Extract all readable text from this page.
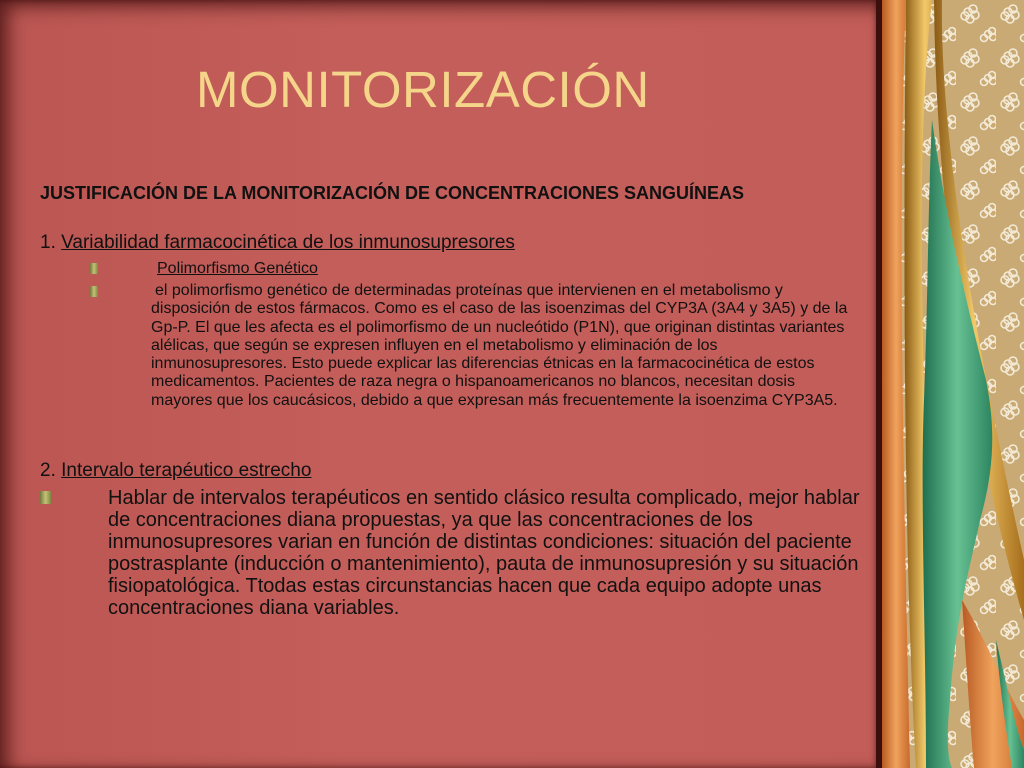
MONITORIZACIÓN

JUSTIFICACIÓN DE LA MONITORIZACIÓN DE CONCENTRACIONES SANGUÍNEAS

1. Variabilidad farmacocinética de los inmunosupresores

Polimorfismo Genético

el polimorfismo genético de determinadas proteínas que intervienen en el metabolismo y disposición de estos fármacos. Como es el caso de las isoenzimas del CYP3A (3A4 y 3A5) y de la Gp-P. El que les afecta es el polimorfismo de un nucleótido (P1N), que originan distintas variantes alélicas, que según se expresen influyen en el metabolismo y eliminación de los inmunosupresores. Esto puede explicar las diferencias étnicas en la farmacocinética de estos medicamentos. Pacientes de raza negra o hispanoamericanos no blancos, necesitan dosis mayores que los caucásicos, debido a que expresan más frecuentemente la isoenzima CYP3A5.

2. Intervalo terapéutico estrecho

Hablar de intervalos terapéuticos en sentido clásico resulta complicado, mejor hablar de concentraciones diana propuestas, ya que las concentraciones de los inmunosupresores varian en función de distintas condiciones: situación del paciente postrasplante (inducción o mantenimiento), pauta de inmunosupresión y su situación fisiopatológica. Ttodas estas circunstancias hacen que cada equipo adopte unas concentraciones diana variables.
